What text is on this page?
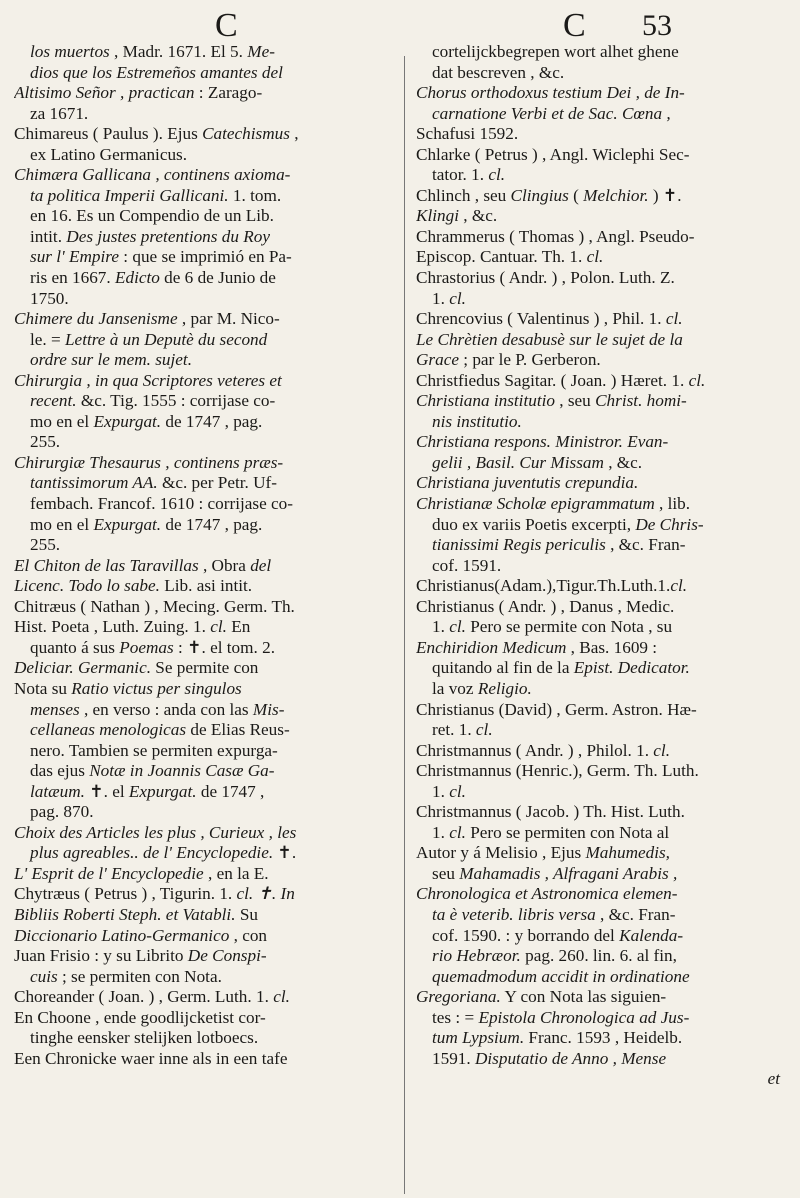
C	C 53
los muertos , Madr. 1671. El 5. Me-
dios que los Estremeños amantes del
Altisimo Señor , practican : Zarago-
za 1671.
Chimareus ( Paulus ). Ejus Catechismus ,
ex Latino Germanicus.
Chimæra Gallicana , continens axioma-
ta politica Imperii Gallicani. 1. tom.
en 16. Es un Compendio de un Lib.
intit. Des justes pretentions du Roy
sur l' Empire : que se imprimió en Pa-
ris en 1667. Edicto de 6 de Junio de
1750.
Chimere du Jansenisme , par M. Nico-
le. = Lettre à un Deputè du second
ordre sur le mem. sujet.
Chirurgia , in qua Scriptores veteres et
recent. &c. Tig. 1555 : corrijase co-
mo en el Expurgat. de 1747 , pag.
255.
Chirurgiæ Thesaurus , continens præs-
tantissimorum AA. &c. per Petr. Uf-
fembach. Francof. 1610 : corrijase co-
mo en el Expurgat. de 1747 , pag.
255.
El Chiton de las Taravillas , Obra del
Licenc. Todo lo sabe. Lib. asi intit.
Chitræus ( Nathan ) , Mecing. Germ. Th.
Hist. Poeta , Luth. Zuing. 1. cl. En
quanto á sus Poemas : ✝. el tom. 2.
Deliciar. Germanic. Se permite con
Nota su Ratio victus per singulos
menses , en verso : anda con las Mis-
cellaneas menologicas de Elias Reus-
nero. Tambien se permiten expurga-
das ejus Notæ in Joannis Casæ Ga-
latæum. ✝. el Expurgat. de 1747 ,
pag. 870.
Choix des Articles les plus , Curieux , les
plus agreables.. de l' Encyclopedie. ✝.
L' Esprit de l' Encyclopedie , en la E.
Chytræus ( Petrus ) , Tigurin. 1. cl. ✝. In
Bibliis Roberti Steph. et Vatabli. Su
Diccionario Latino-Germanico , con
Juan Frisio : y su Librito De Conspi-
cuis ; se permiten con Nota.
Choreander ( Joan. ) , Germ. Luth. 1. cl.
En Choone , ende goodlijcketist cor-
tinghe eensker stelijken lotboecs.
Een Chronicke waer inne als in een tafe
cortelijckbegrepen wort alhet ghene
dat bescreven , &c.
Chorus orthodoxus testium Dei , de In-
carnatione Verbi et de Sac. Cœna ,
Schafusi 1592.
Chlarke ( Petrus ) , Angl. Wiclephi Sec-
tator. 1. cl.
Chlinch , seu Clingius ( Melchior. ) ✝.
Klingi , &c.
Chrammerus ( Thomas ) , Angl. Pseudo-
Episcop. Cantuar. Th. 1. cl.
Chrastorius ( Andr. ) , Polon. Luth. Z.
1. cl.
Chrencovius ( Valentinus ) , Phil. 1. cl.
Le Chrètien desabusè sur le sujet de la
Grace ; par le P. Gerberon.
Christfiedus Sagitar. ( Joan. ) Hæret. 1. cl.
Christiana institutio , seu Christ. homi-
nis institutio.
Christiana respons. Ministror. Evan-
gelii , Basil. Cur Missam , &c.
Christiana juventutis crepundia.
Christianæ Scholæ epigrammatum , lib.
duo ex variis Poetis excerpti, De Chris-
tianissimi Regis periculis , &c. Fran-
cof. 1591.
Christianus(Adam.),Tigur.Th.Luth.1.cl.
Christianus ( Andr. ) , Danus , Medic.
1. cl. Pero se permite con Nota , su
Enchiridion Medicum , Bas. 1609 :
quitando al fin de la Epist. Dedicator.
la voz Religio.
Christianus (David) , Germ. Astron. Hæ-
ret. 1. cl.
Christmannus ( Andr. ) , Philol. 1. cl.
Christmannus (Henric.), Germ. Th. Luth.
1. cl.
Christmannus ( Jacob. ) Th. Hist. Luth.
1. cl. Pero se permiten con Nota al
Autor y á Melisio , Ejus Mahumedis,
seu Mahamadis , Alfragani Arabis ,
Chronologica et Astronomica elemen-
ta è veterib. libris versa , &c. Fran-
cof. 1590. : y borrando del Kalenda-
rio Hebræor. pag. 260. lin. 6. al fin,
quemadmodum accidit in ordinatione
Gregoriana. Y con Nota las siguien-
tes : = Epistola Chronologica ad Jus-
tum Lypsium. Franc. 1593 , Heidelb.
1591. Disputatio de Anno , Mense
et
